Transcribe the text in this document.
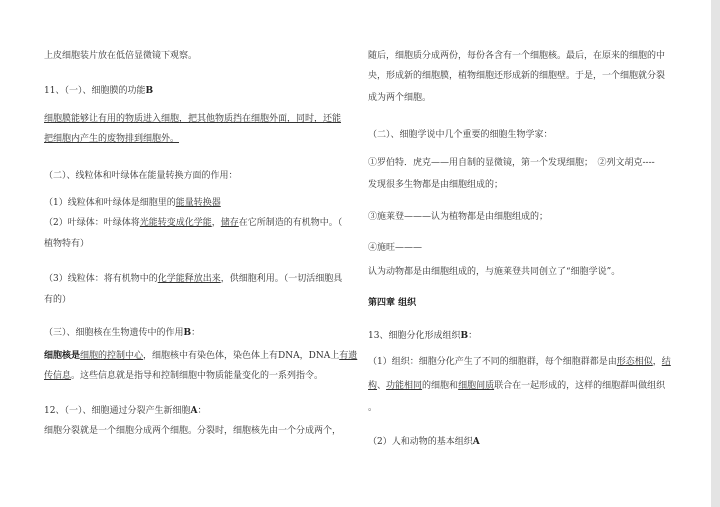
上皮细胞装片放在低倍显微镜下观察。
11、（一）、细胞膜的功能B
细胞膜能够让有用的物质进入细胞，把其他物质挡在细胞外面，同时，还能
把细胞内产生的废物排到细胞外。
（二）、线粒体和叶绿体在能量转换方面的作用：
（1）线粒体和叶绿体是细胞里的能量转换器
（2）叶绿体：叶绿体将光能转变成化学能，储存在它所制造的有机物中。（
植物特有）
（3）线粒体：将有机物中的化学能释放出来，供细胞利用。（一切活细胞具
有的）
（三）、细胞核在生物遗传中的作用B：
细胞核是细胞的控制中心，细胞核中有染色体，染色体上有DNA，DNA上有遗
传信息。这些信息就是指导和控制细胞中物质能量变化的一系列指令。
12、（一）、细胞通过分裂产生新细胞A：
细胞分裂就是一个细胞分成两个细胞。分裂时，细胞核先由一个分成两个，
随后，细胞质分成两份，每份各含有一个细胞核。最后，在原来的细胞的中
央，形成新的细胞膜，植物细胞还形成新的细胞壁。于是，一个细胞就分裂
成为两个细胞。
（二）、细胞学说中几个重要的细胞生物学家：
①罗伯特．虎克——用自制的显微镜，第一个发现细胞；　②列文胡克----
发现很多生物都是由细胞组成的；
③施莱登———认为植物都是由细胞组成的；
④施旺———
认为动物都是由细胞组成的，与施莱登共同创立了“细胞学说”。
第四章 组织
13、细胞分化形成组织B：
（1）组织：细胞分化产生了不同的细胞群，每个细胞群都是由形态相似，结
构、功能相同的细胞和细胞间质联合在一起形成的，这样的细胞群叫做组织
。
（2）人和动物的基本组织A
